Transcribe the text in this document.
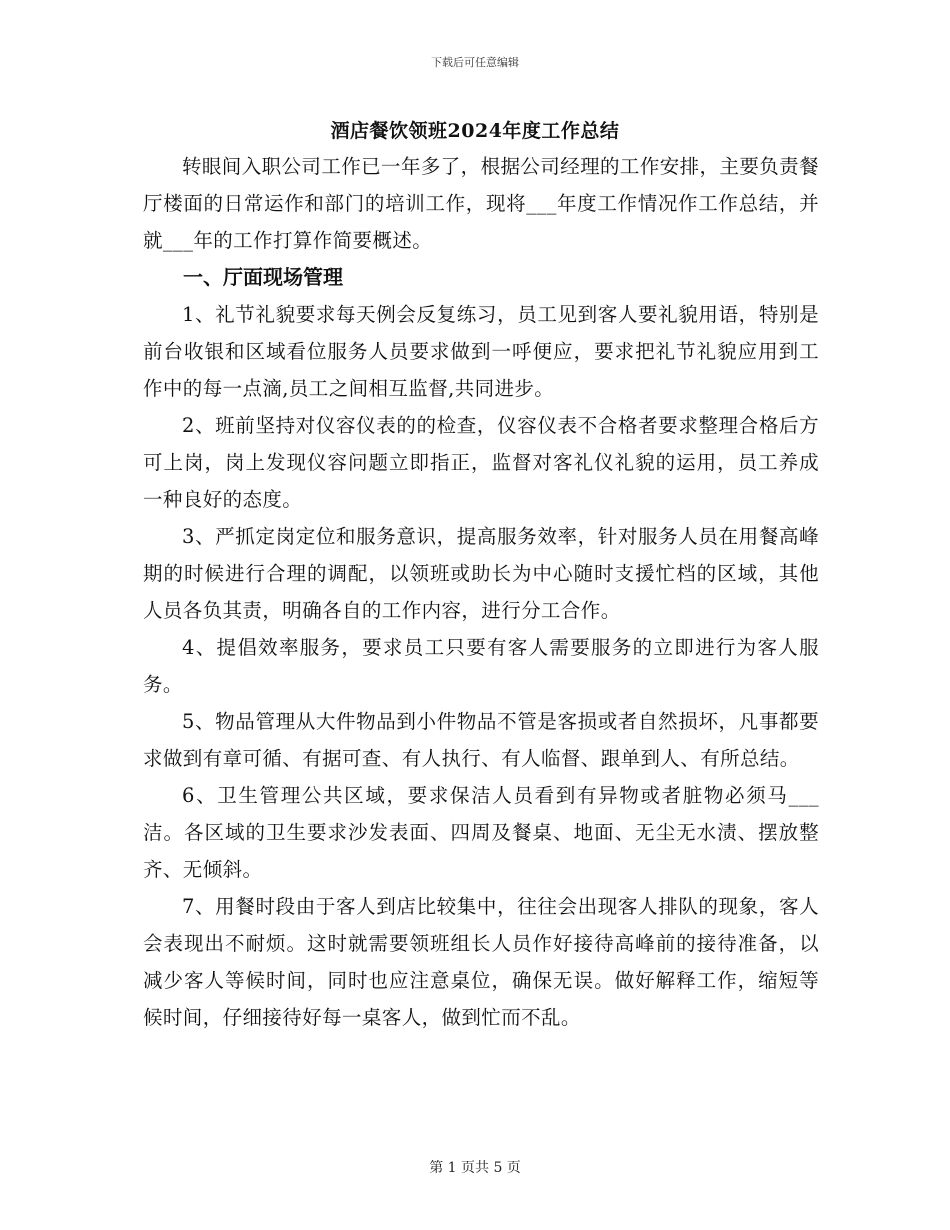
下载后可任意编辑
酒店餐饮领班2024年度工作总结

转眼间入职公司工作已一年多了，根据公司经理的工作安排，主要负责餐厅楼面的日常运作和部门的培训工作，现将___年度工作情况作工作总结，并就___年的工作打算作简要概述。

一、厅面现场管理

1、礼节礼貌要求每天例会反复练习，员工见到客人要礼貌用语，特别是前台收银和区域看位服务人员要求做到一呼便应，要求把礼节礼貌应用到工作中的每一点滴,员工之间相互监督,共同进步。

2、班前坚持对仪容仪表的的检查，仪容仪表不合格者要求整理合格后方可上岗，岗上发现仪容问题立即指正，监督对客礼仪礼貌的运用，员工养成一种良好的态度。

3、严抓定岗定位和服务意识，提高服务效率，针对服务人员在用餐高峰期的时候进行合理的调配，以领班或助长为中心随时支援忙档的区域，其他人员各负其责，明确各自的工作内容，进行分工合作。

4、提倡效率服务，要求员工只要有客人需要服务的立即进行为客人服务。

5、物品管理从大件物品到小件物品不管是客损或者自然损坏，凡事都要求做到有章可循、有据可查、有人执行、有人临督、跟单到人、有所总结。

6、卫生管理公共区域，要求保洁人员看到有异物或者脏物必须马___洁。各区域的卫生要求沙发表面、四周及餐桌、地面、无尘无水渍、摆放整齐、无倾斜。

7、用餐时段由于客人到店比较集中，往往会出现客人排队的现象，客人会表现出不耐烦。这时就需要领班组长人员作好接待高峰前的接待准备，以减少客人等候时间，同时也应注意桌位，确保无误。做好解释工作，缩短等候时间，仔细接待好每一桌客人，做到忙而不乱。

第 1 页共 5 页
